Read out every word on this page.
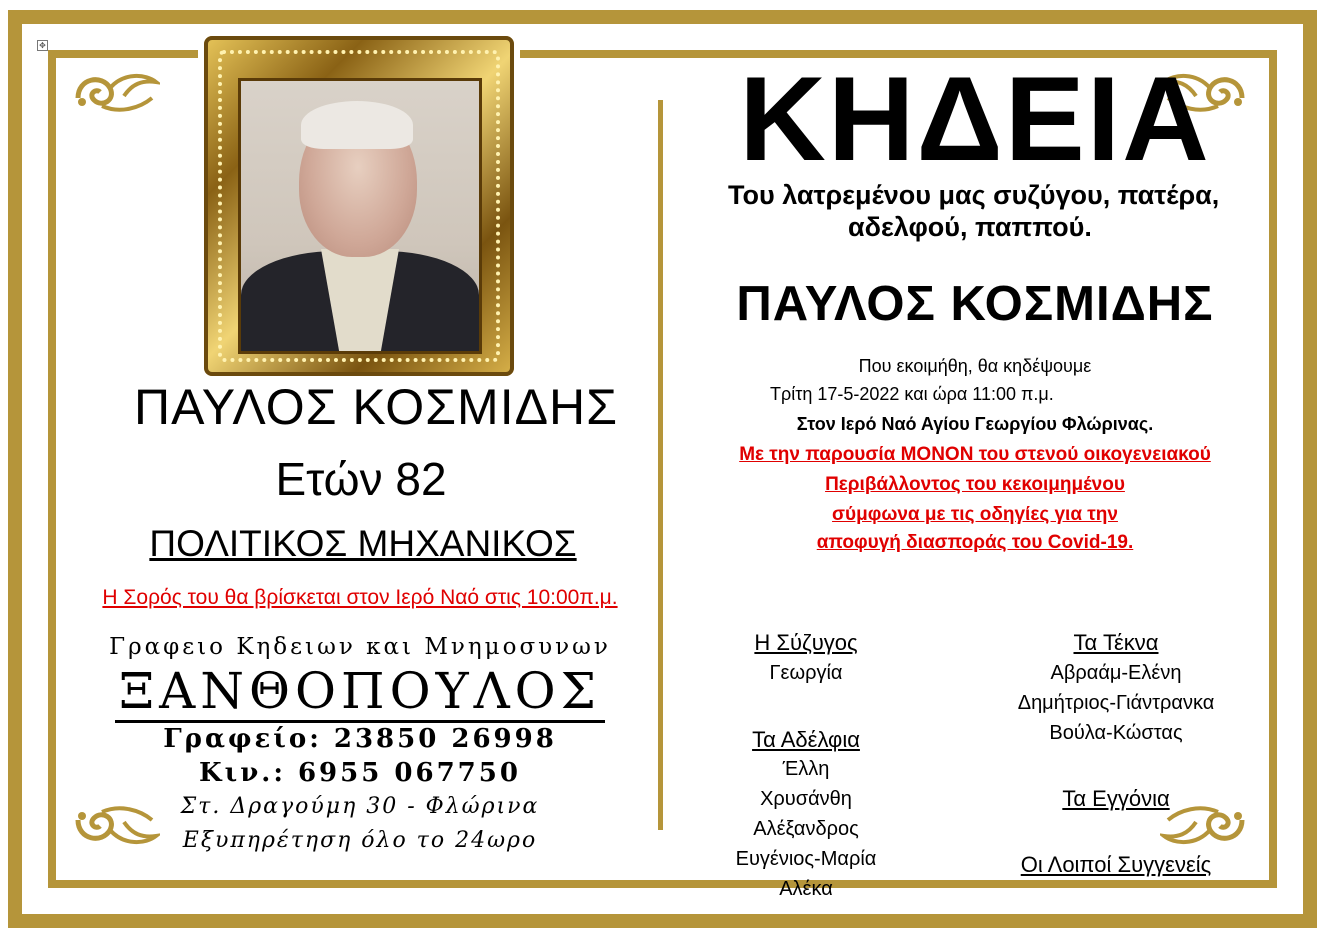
✥
ΠΑΥΛΟΣ ΚΟΣΜΙΔΗΣ
Ετών 82
ΠΟΛΙΤΙΚΟΣ ΜΗΧΑΝΙΚΟΣ
Η Σορός του θα βρίσκεται στον Ιερό Ναό στις 10:00π.μ.
Γραφειο Κηδειων και Μνημοσυνων
ΞΑΝΘΟΠΟΥΛΟΣ
Γραφείο: 23850 26998
Κιν.: 6955 067750
Στ. Δραγούμη 30 - Φλώρινα
Εξυπηρέτηση όλο το 24ωρο
ΚΗΔΕΙΑ
Του λατρεμένου μας συζύγου, πατέρα,
αδελφού, παππού.
ΠΑΥΛΟΣ ΚΟΣΜΙΔΗΣ
Που εκοιμήθη, θα κηδέψουμε
Τρίτη 17-5-2022 και ώρα 11:00 π.μ.
Στον Ιερό Ναό Αγίου Γεωργίου Φλώρινας.
Με την παρουσία ΜΟΝΟΝ του στενού οικογενειακού
Περιβάλλοντος του κεκοιμημένου
σύμφωνα με τις οδηγίες για την
αποφυγή διασποράς του Covid-19.
Η Σύζυγος
Γεωργία
Τα Αδέλφια
Έλλη
Χρυσάνθη
Αλέξανδρος
Ευγένιος-Μαρία
Αλέκα
Τα Τέκνα
Αβραάμ-Ελένη
Δημήτριος-Γιάντρανκα
Βούλα-Κώστας
Τα Εγγόνια
Οι Λοιποί Συγγενείς
